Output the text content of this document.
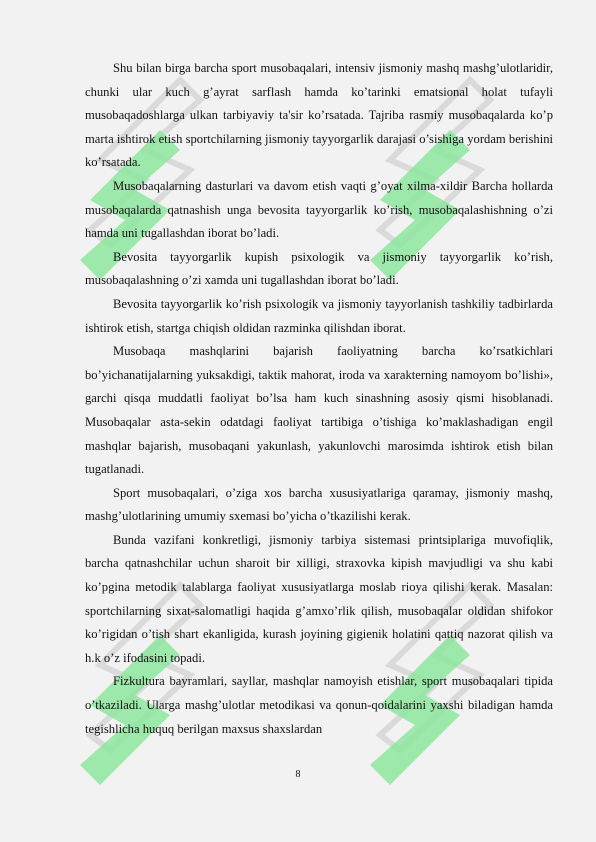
Shu bilan birga barcha sport musobaqalari, intensiv jismoniy mashq mashg’ulotlaridir, chunki ular kuch g’ayrat sarflash hamda ko’tarinki ematsional holat tufayli musobaqadoshlarga ulkan tarbiyaviy ta'sir ko’rsatada. Tajriba rasmiy musobaqalarda ko’p marta ishtirok etish sportchilarning jismoniy tayyorgarlik darajasi o’sishiga yordam berishini ko’rsatada.

Musobaqalarning dasturlari va davom etish vaqti g’oyat xilma-xildir Barcha hollarda musobaqalarda qatnashish unga bevosita tayyorgarlik ko’rish, musobaqalashishning o’zi hamda uni tugallashdan iborat bo’ladi.

Bevosita tayyorgarlik kupish psixologik va jismoniy tayyorgarlik ko’rish, musobaqalashning o’zi xamda uni tugallashdan iborat bo’ladi.

Bevosita tayyorgarlik ko’rish psixologik va jismoniy tayyorlanish tashkiliy tadbirlarda ishtirok etish, startga chiqish oldidan razminka qilishdan iborat.

Musobaqa mashqlarini bajarish faoliyatning barcha ko’rsatkichlari bo’yichanatijalarning yuksakdigi, taktik mahorat, iroda va xarakterning namoyom bo’lishi», garchi qisqa muddatli faoliyat bo’lsa ham kuch sinashning asosiy qismi hisoblanadi. Musobaqalar asta-sekin odatdagi faoliyat tartibiga o’tishiga ko’maklashadigan engil mashqlar bajarish, musobaqani yakunlash, yakunlovchi marosimda ishtirok etish bilan tugatlanadi.

Sport musobaqalari, o’ziga xos barcha xususiyatlariga qaramay, jismoniy mashq, mashg’ulotlarining umumiy sxemasi bo’yicha o’tkazilishi kerak.

Bunda vazifani konkretligi, jismoniy tarbiya sistemasi printsiplariga muvofiqlik, barcha qatnashchilar uchun sharoit bir xilligi, straxovka kipish mavjudligi va shu kabi ko’pgina metodik talablarga faoliyat xususiyatlarga moslab rioya qilishi kerak. Masalan: sportchilarning sixat-salomatligi haqida g’amxo’rlik qilish, musobaqalar oldidan shifokor ko’rigidan o’tish shart ekanligida, kurash joyining gigienik holatini qattiq nazorat qilish va h.k o’z ifodasini topadi.

Fizkultura bayramlari, sayllar, mashqlar namoyish etishlar, sport musobaqalari tipida o’tkaziladi. Ularga mashg’ulotlar metodikasi va qonun-qoidalarini yaxshi biladigan hamda tegishlicha huquq berilgan maxsus shaxslardan

8
